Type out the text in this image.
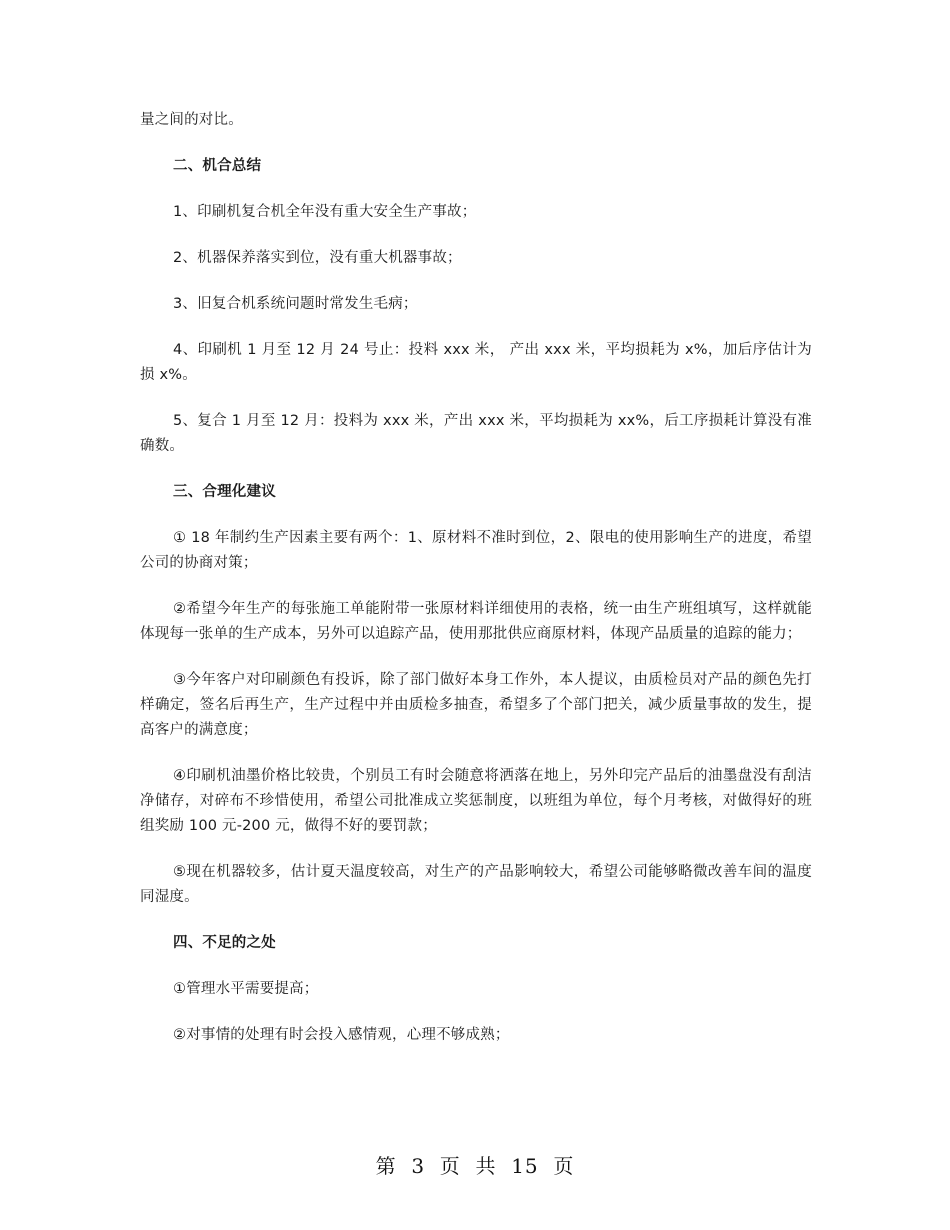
量之间的对比。

二、机合总结

1、印刷机复合机全年没有重大安全生产事故；

2、机器保养落实到位，没有重大机器事故；

3、旧复合机系统问题时常发生毛病；

4、印刷机 1 月至 12 月 24 号止：投料 xxx 米， 产出 xxx 米，平均损耗为 x%，加后序估计为损 x%。

5、复合 1 月至 12 月：投料为 xxx 米，产出 xxx 米，平均损耗为 xx%，后工序损耗计算没有准确数。

三、合理化建议

① 18 年制约生产因素主要有两个：1、原材料不准时到位，2、限电的使用影响生产的进度，希望公司的协商对策；

②希望今年生产的每张施工单能附带一张原材料详细使用的表格，统一由生产班组填写，这样就能体现每一张单的生产成本，另外可以追踪产品，使用那批供应商原材料，体现产品质量的追踪的能力；

③今年客户对印刷颜色有投诉，除了部门做好本身工作外，本人提议，由质检员对产品的颜色先打样确定，签名后再生产，生产过程中并由质检多抽查，希望多了个部门把关，减少质量事故的发生，提高客户的满意度；

④印刷机油墨价格比较贵，个别员工有时会随意将洒落在地上，另外印完产品后的油墨盘没有刮洁净储存，对碎布不珍惜使用，希望公司批准成立奖惩制度，以班组为单位，每个月考核，对做得好的班组奖励 100 元-200 元，做得不好的要罚款；

⑤现在机器较多，估计夏天温度较高，对生产的产品影响较大，希望公司能够略微改善车间的温度同湿度。

四、不足的之处

①管理水平需要提高；

②对事情的处理有时会投入感情观，心理不够成熟；

第  3  页  共  15  页
